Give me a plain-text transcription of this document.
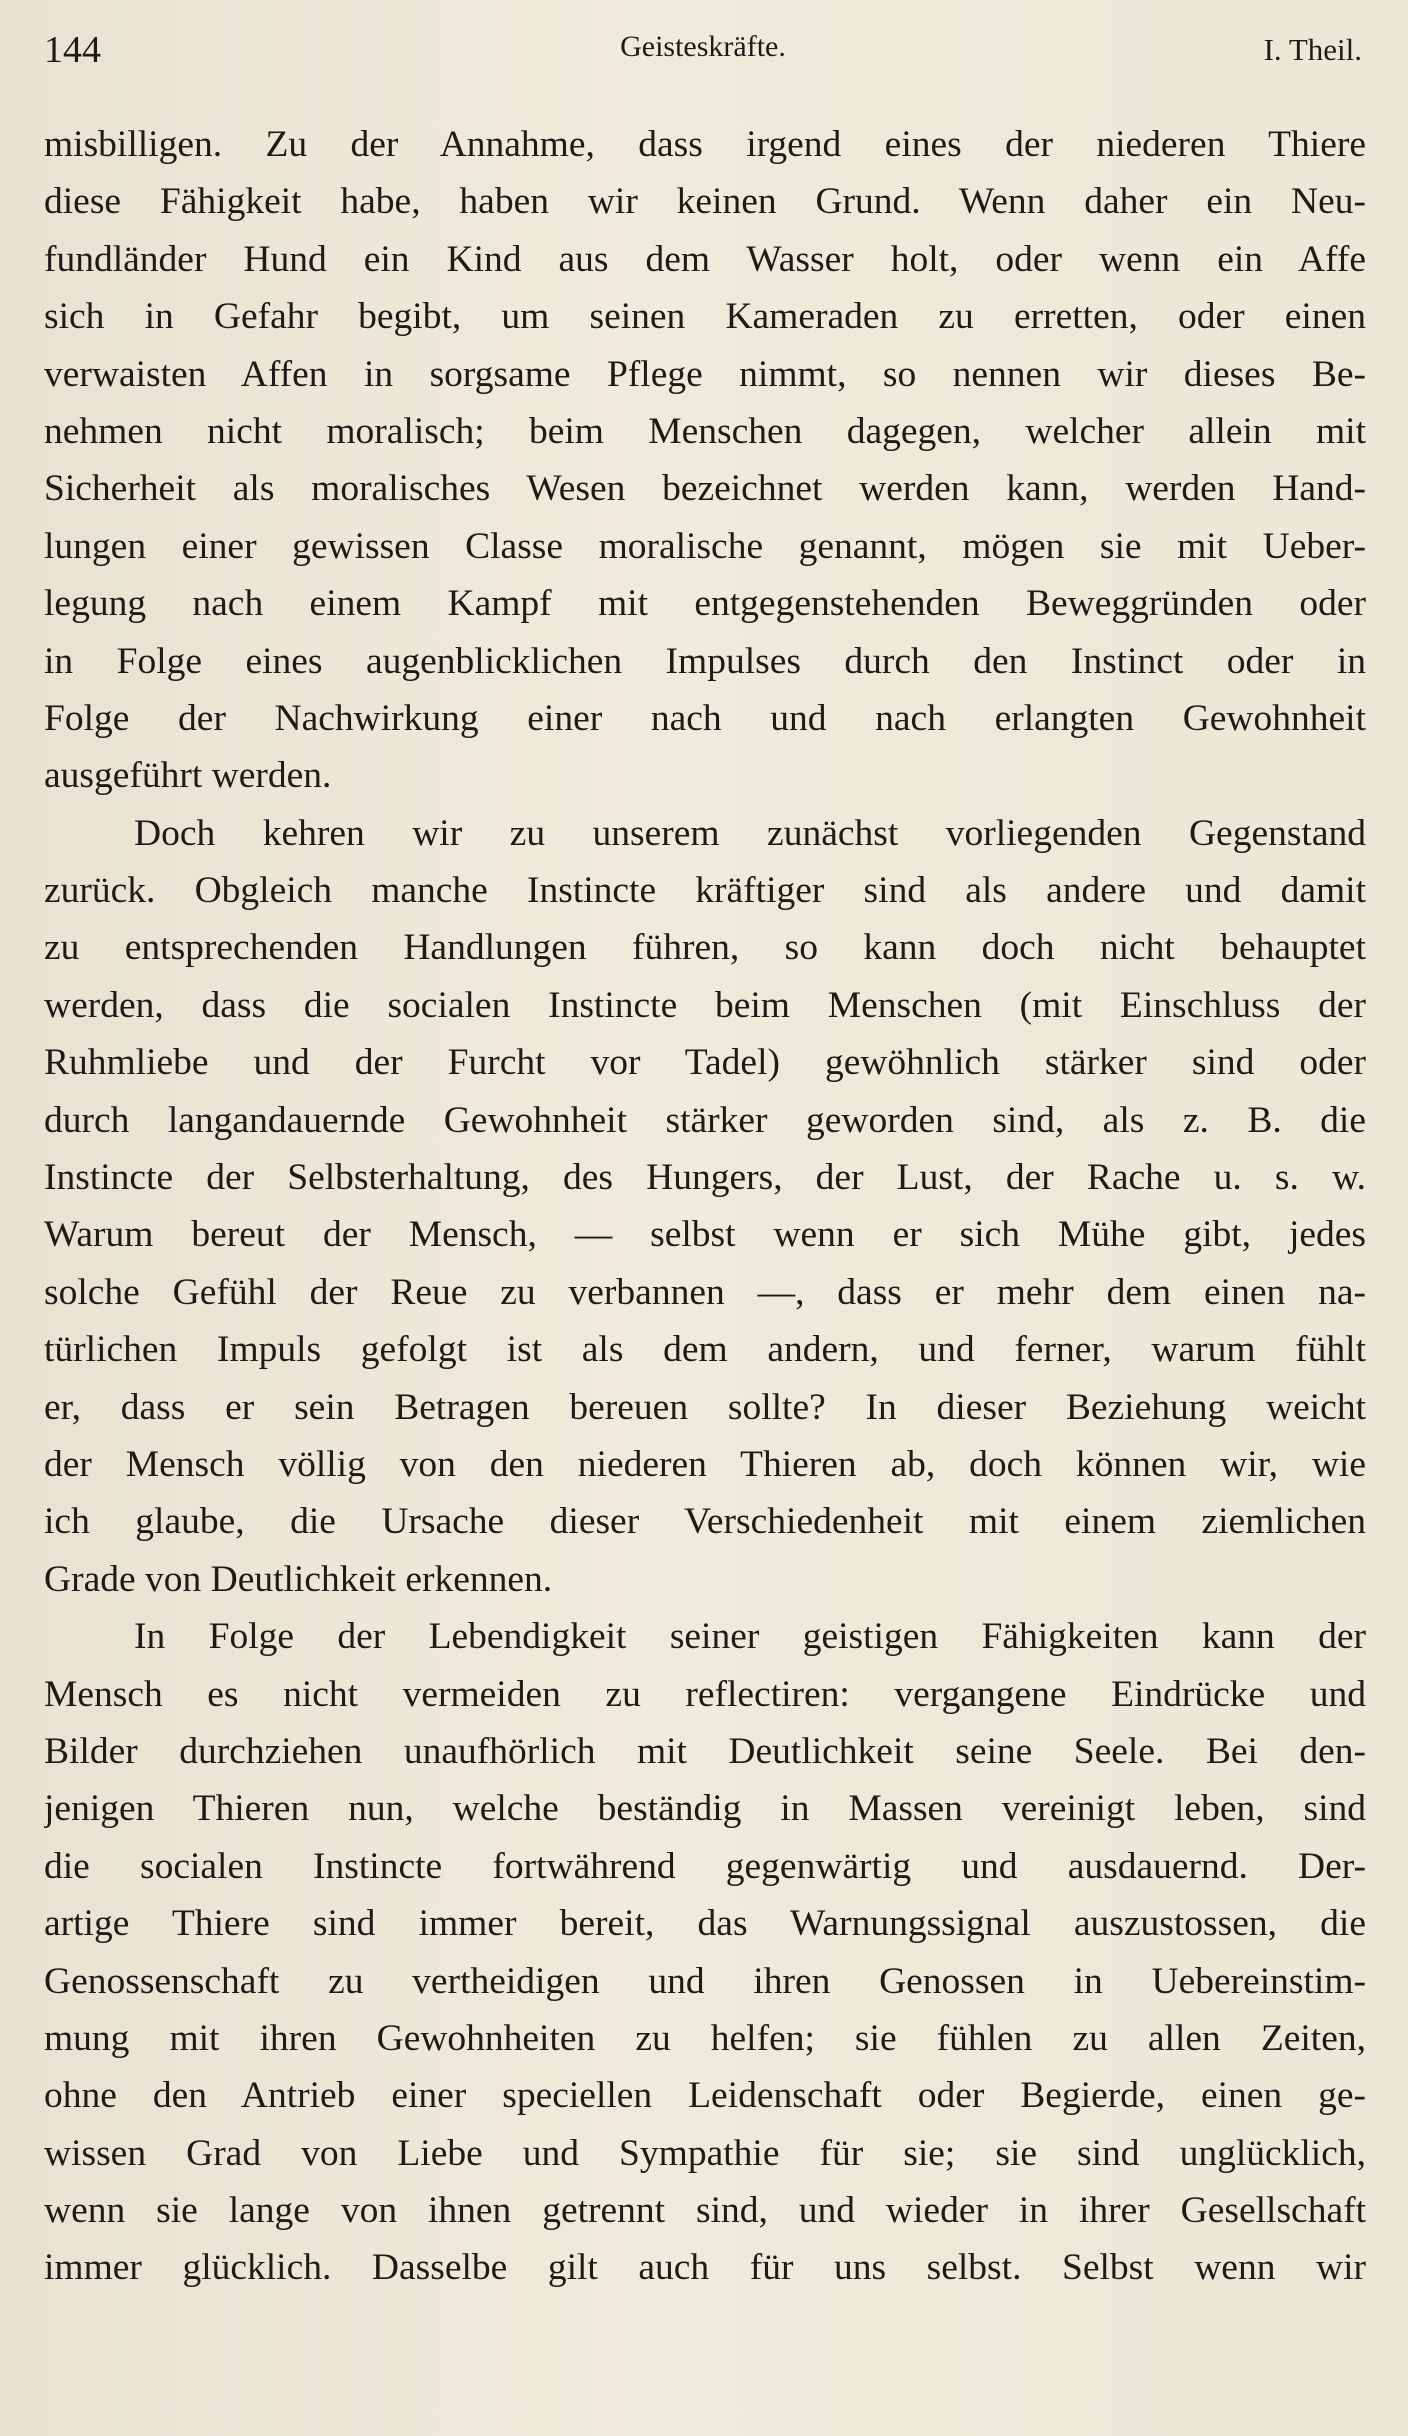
144	Geisteskräfte.	I. Theil.
misbilligen. Zu der Annahme, dass irgend eines der niederen Thiere
diese Fähigkeit habe, haben wir keinen Grund. Wenn daher ein Neu-
fundländer Hund ein Kind aus dem Wasser holt, oder wenn ein Affe
sich in Gefahr begibt, um seinen Kameraden zu erretten, oder einen
verwaisten Affen in sorgsame Pflege nimmt, so nennen wir dieses Be-
nehmen nicht moralisch; beim Menschen dagegen, welcher allein mit
Sicherheit als moralisches Wesen bezeichnet werden kann, werden Hand-
lungen einer gewissen Classe moralische genannt, mögen sie mit Ueber-
legung nach einem Kampf mit entgegenstehenden Beweggründen oder
in Folge eines augenblicklichen Impulses durch den Instinct oder in
Folge der Nachwirkung einer nach und nach erlangten Gewohnheit
ausgeführt werden.
Doch kehren wir zu unserem zunächst vorliegenden Gegenstand
zurück. Obgleich manche Instincte kräftiger sind als andere und damit
zu entsprechenden Handlungen führen, so kann doch nicht behauptet
werden, dass die socialen Instincte beim Menschen (mit Einschluss der
Ruhmliebe und der Furcht vor Tadel) gewöhnlich stärker sind oder
durch langandauernde Gewohnheit stärker geworden sind, als z. B. die
Instincte der Selbsterhaltung, des Hungers, der Lust, der Rache u. s. w.
Warum bereut der Mensch, — selbst wenn er sich Mühe gibt, jedes
solche Gefühl der Reue zu verbannen —, dass er mehr dem einen na-
türlichen Impuls gefolgt ist als dem andern, und ferner, warum fühlt
er, dass er sein Betragen bereuen sollte? In dieser Beziehung weicht
der Mensch völlig von den niederen Thieren ab, doch können wir, wie
ich glaube, die Ursache dieser Verschiedenheit mit einem ziemlichen
Grade von Deutlichkeit erkennen.
In Folge der Lebendigkeit seiner geistigen Fähigkeiten kann der
Mensch es nicht vermeiden zu reflectiren: vergangene Eindrücke und
Bilder durchziehen unaufhörlich mit Deutlichkeit seine Seele. Bei den-
jenigen Thieren nun, welche beständig in Massen vereinigt leben, sind
die socialen Instincte fortwährend gegenwärtig und ausdauernd. Der-
artige Thiere sind immer bereit, das Warnungssignal auszustossen, die
Genossenschaft zu vertheidigen und ihren Genossen in Uebereinstim-
mung mit ihren Gewohnheiten zu helfen; sie fühlen zu allen Zeiten,
ohne den Antrieb einer speciellen Leidenschaft oder Begierde, einen ge-
wissen Grad von Liebe und Sympathie für sie; sie sind unglücklich,
wenn sie lange von ihnen getrennt sind, und wieder in ihrer Gesellschaft
immer glücklich. Dasselbe gilt auch für uns selbst. Selbst wenn wir
